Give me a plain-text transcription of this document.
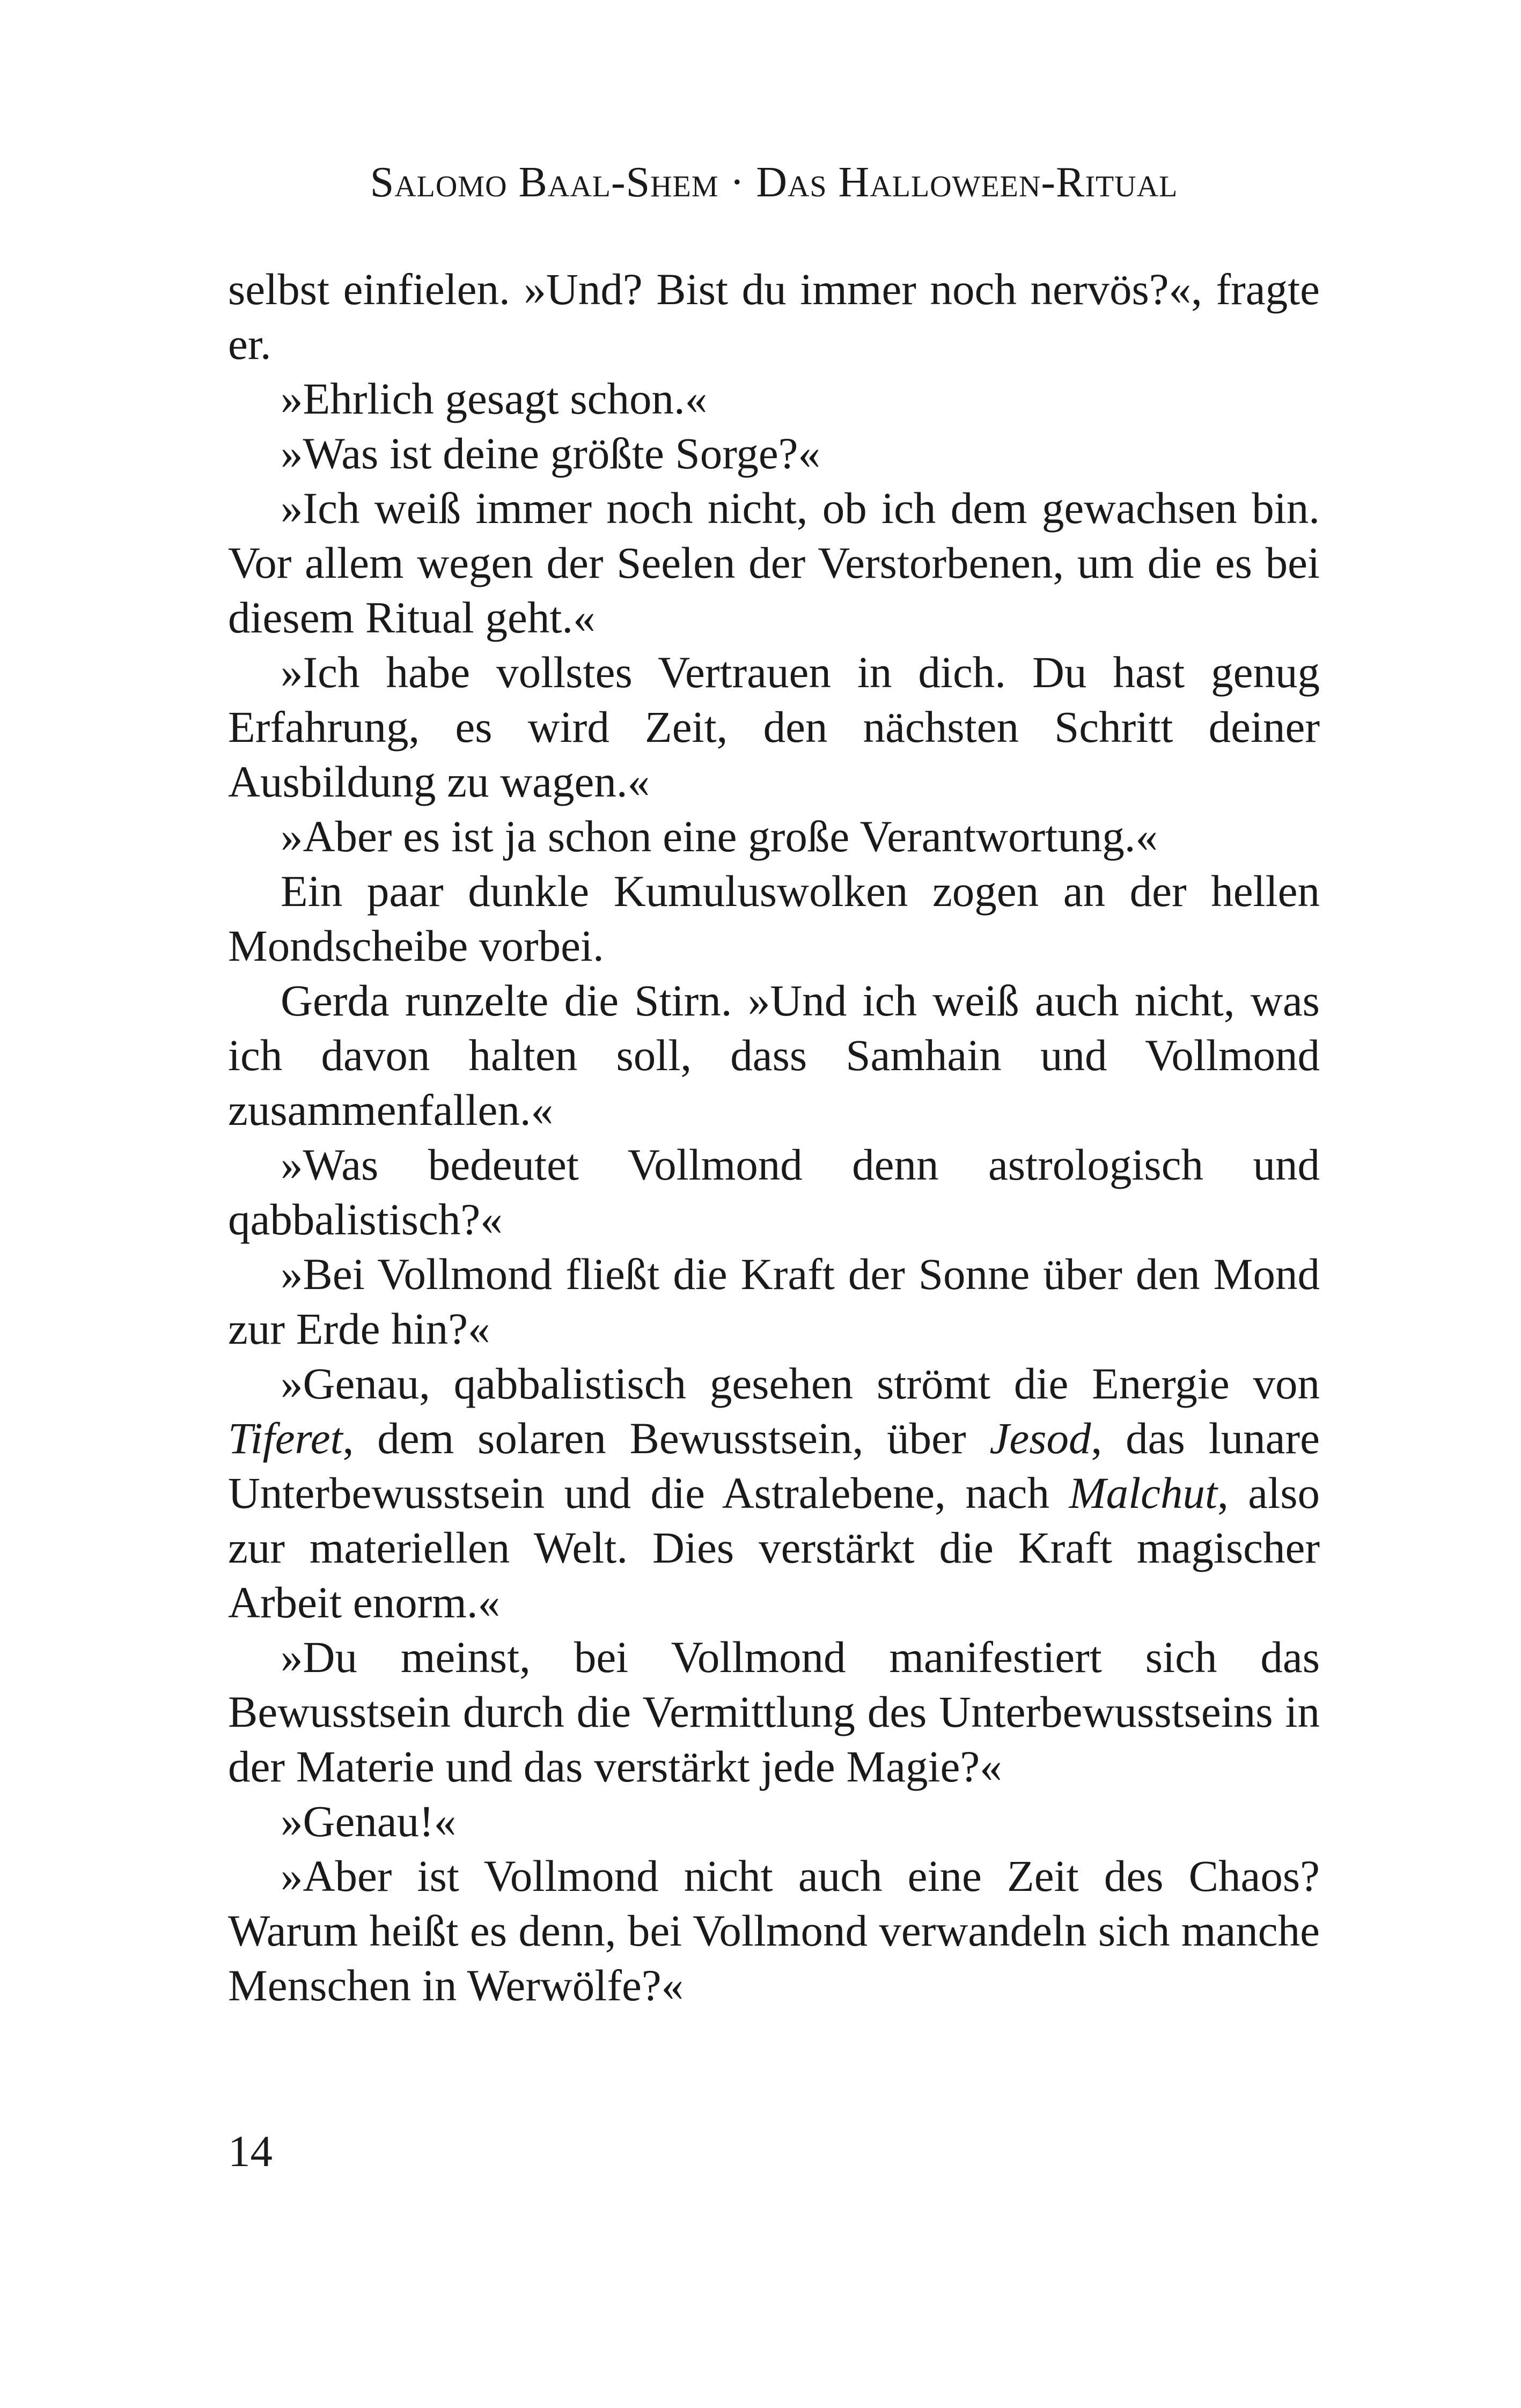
Salomo Baal-Shem · Das Halloween-Ritual

selbst einfielen. »Und? Bist du immer noch nervös?«, fragte er.

»Ehrlich gesagt schon.«

»Was ist deine größte Sorge?«

»Ich weiß immer noch nicht, ob ich dem gewachsen bin. Vor allem wegen der Seelen der Verstorbenen, um die es bei diesem Ritual geht.«

»Ich habe vollstes Vertrauen in dich. Du hast genug Erfahrung, es wird Zeit, den nächsten Schritt deiner Ausbildung zu wagen.«

»Aber es ist ja schon eine große Verantwortung.«

Ein paar dunkle Kumuluswolken zogen an der hellen Mondscheibe vorbei.

Gerda runzelte die Stirn. »Und ich weiß auch nicht, was ich davon halten soll, dass Samhain und Vollmond zusammenfallen.«

»Was bedeutet Vollmond denn astrologisch und qabbalistisch?«

»Bei Vollmond fließt die Kraft der Sonne über den Mond zur Erde hin?«

»Genau, qabbalistisch gesehen strömt die Energie von Tiferet, dem solaren Bewusstsein, über Jesod, das lunare Unterbewusstsein und die Astralebene, nach Malchut, also zur materiellen Welt. Dies verstärkt die Kraft magischer Arbeit enorm.«

»Du meinst, bei Vollmond manifestiert sich das Bewusstsein durch die Vermittlung des Unterbewusstseins in der Materie und das verstärkt jede Magie?«

»Genau!«

»Aber ist Vollmond nicht auch eine Zeit des Chaos? Warum heißt es denn, bei Vollmond verwandeln sich manche Menschen in Werwölfe?«

14
